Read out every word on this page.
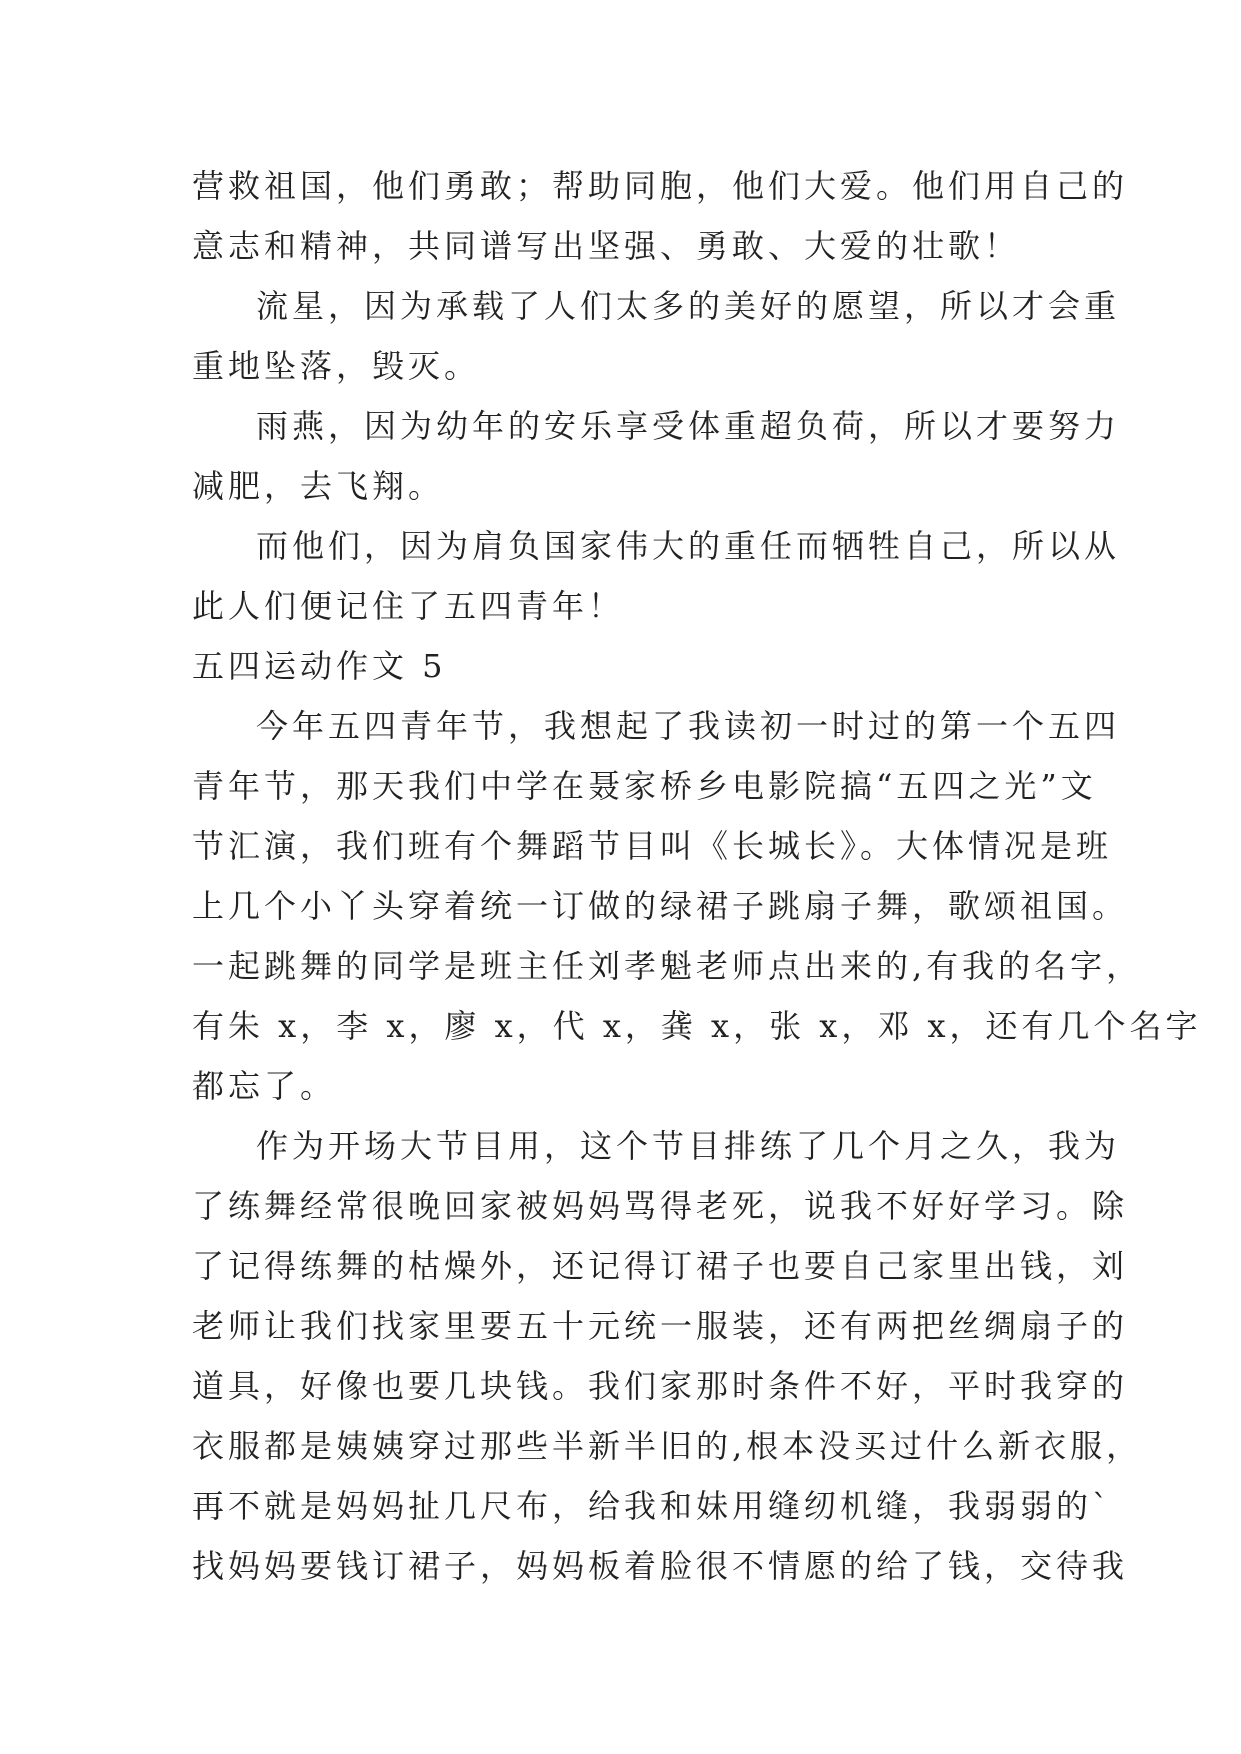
营救祖国，他们勇敢；帮助同胞，他们大爱。他们用自己的
意志和精神，共同谱写出坚强、勇敢、大爱的壮歌！
流星，因为承载了人们太多的美好的愿望，所以才会重
重地坠落，毁灭。
雨燕，因为幼年的安乐享受体重超负荷，所以才要努力
减肥，去飞翔。
而他们，因为肩负国家伟大的重任而牺牲自己，所以从
此人们便记住了五四青年！
五四运动作文 5
今年五四青年节，我想起了我读初一时过的第一个五四
青年节，那天我们中学在聂家桥乡电影院搞“五四之光”文
节汇演，我们班有个舞蹈节目叫《长城长》。大体情况是班
上几个小丫头穿着统一订做的绿裙子跳扇子舞，歌颂祖国。
一起跳舞的同学是班主任刘孝魁老师点出来的,有我的名字，
有朱 x，李 x，廖 x，代 x，龚 x，张 x，邓 x，还有几个名字
都忘了。
作为开场大节目用，这个节目排练了几个月之久，我为
了练舞经常很晚回家被妈妈骂得老死，说我不好好学习。除
了记得练舞的枯燥外，还记得订裙子也要自己家里出钱，刘
老师让我们找家里要五十元统一服装，还有两把丝绸扇子的
道具，好像也要几块钱。我们家那时条件不好，平时我穿的
衣服都是姨姨穿过那些半新半旧的,根本没买过什么新衣服，
再不就是妈妈扯几尺布，给我和妹用缝纫机缝，我弱弱的`
找妈妈要钱订裙子，妈妈板着脸很不情愿的给了钱，交待我
